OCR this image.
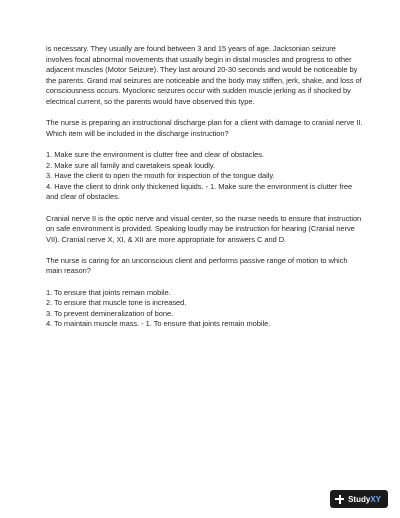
is necessary. They usually are found between 3 and 15 years of age. Jacksonian seizure involves focal abnormal movements that usually begin in distal muscles and progress to other adjacent muscles (Motor Seizure). They last around 20-30 seconds and would be noticeable by the parents. Grand mal seizures are noticeable and the body may stiffen, jerk, shake, and loss of consciousness occurs. Myoclonic seizures occur with sudden muscle jerking as if shocked by electrical current, so the parents would have observed this type.

The nurse is preparing an instructional discharge plan for a client with damage to cranial nerve II. Which item will be included in the discharge instruction?

1. Make sure the environment is clutter free and clear of obstacles.
2. Make sure all family and caretakers speak loudly.
3. Have the client to open the mouth for inspection of the tongue daily.
4. Have the client to drink only thickened liquids. - 1. Make sure the environment is clutter free and clear of obstacles.

Cranial nerve II is the optic nerve and visual center, so the nurse needs to ensure that instruction on safe environment is provided. Speaking loudly may be instruction for hearing (Cranial nerve VII). Cranial nerve X, XI, & XII are more appropriate for answers C and D.

The nurse is caring for an unconscious client and performs passive range of motion to which main reason?

1. To ensure that joints remain mobile.
2. To ensure that muscle tone is increased.
3. To prevent demineralization of bone.
4. To maintain muscle mass. - 1. To ensure that joints remain mobile.
StudyXY
